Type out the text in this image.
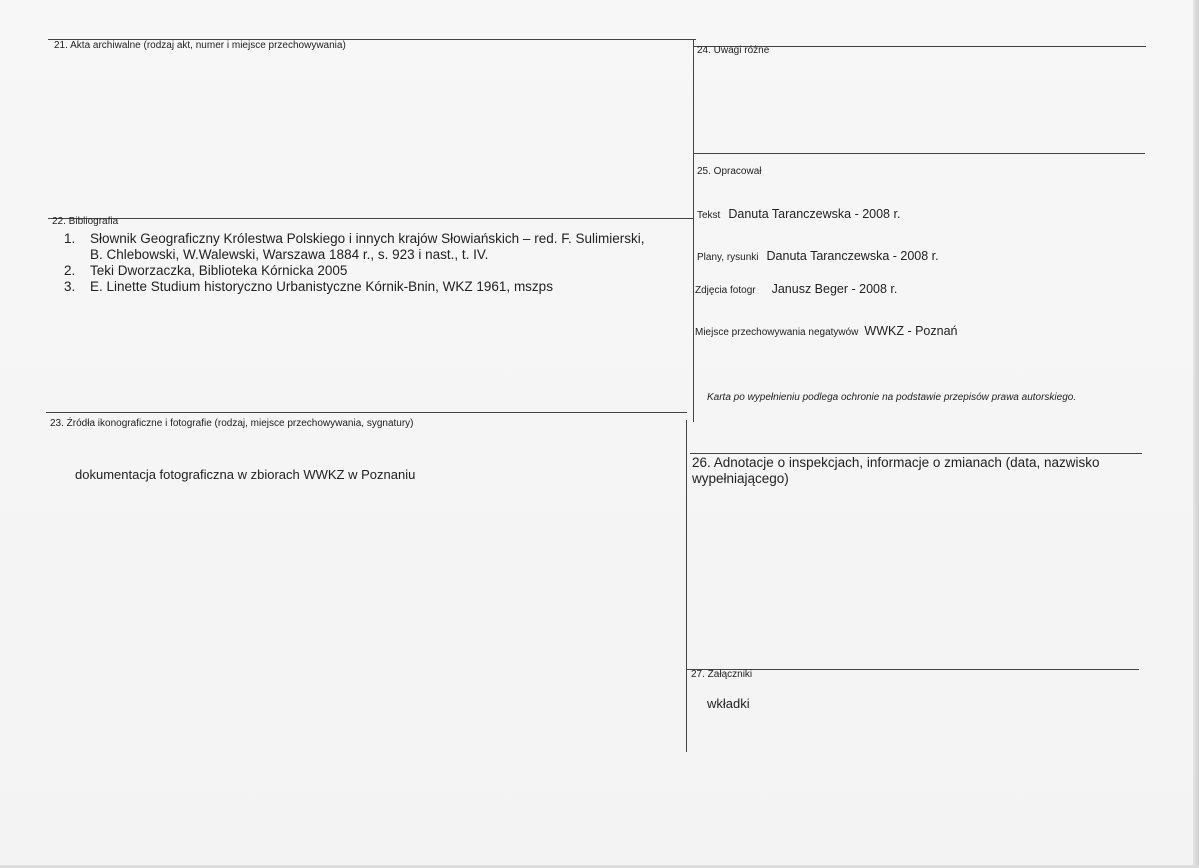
21. Akta archiwalne (rodzaj akt, numer i miejsce przechowywania)
22. Bibliografia
1. Słownik Geograficzny Królestwa Polskiego i innych krajów Słowiańskich – red. F. Sulimierski,
B. Chlebowski, W.Walewski, Warszawa 1884 r., s. 923 i nast., t. IV.
2. Teki Dworzaczka, Biblioteka Kórnicka 2005
3. E. Linette Studium historyczno Urbanistyczne Kórnik-Bnin, WKZ 1961, mszps
23. Źródła ikonograficzne i fotografie (rodzaj, miejsce przechowywania, sygnatury)
dokumentacja fotograficzna w zbiorach WWKZ w Poznaniu
24. Uwagi różne
25. Opracował
Tekst Danuta Taranczewska - 2008 r.
Plany, rysunki Danuta Taranczewska - 2008 r.
Zdjęcia fotogr Janusz Beger - 2008 r.
Miejsce przechowywania negatywów WWKZ - Poznań
Karta po wypełnieniu podlega ochronie na podstawie przepisów prawa autorskiego.
26. Adnotacje o inspekcjach, informacje o zmianach (data, nazwisko wypełniającego)
27. Załączniki
wkładki
